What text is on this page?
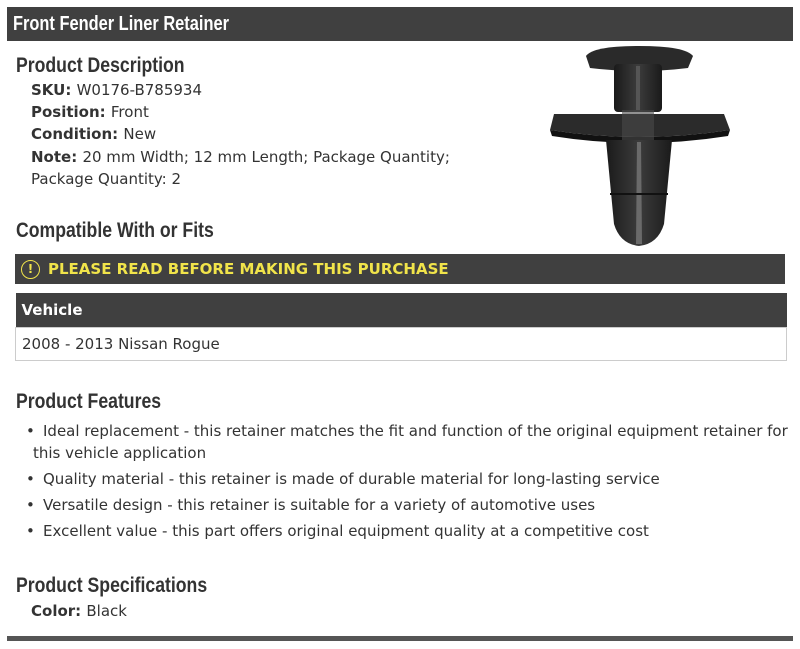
Front Fender Liner Retainer
Product Description
SKU: W0176-B785934
Position: Front
Condition: New
Note: 20 mm Width; 12 mm Length; Package Quantity;
Package Quantity: 2
Compatible With or Fits
! PLEASE READ BEFORE MAKING THIS PURCHASE
Vehicle
2008 - 2013 Nissan Rogue
Product Features
• Ideal replacement - this retainer matches the fit and function of the original equipment retainer for this vehicle application
• Quality material - this retainer is made of durable material for long-lasting service
• Versatile design - this retainer is suitable for a variety of automotive uses
• Excellent value - this part offers original equipment quality at a competitive cost
Product Specifications
Color: Black
